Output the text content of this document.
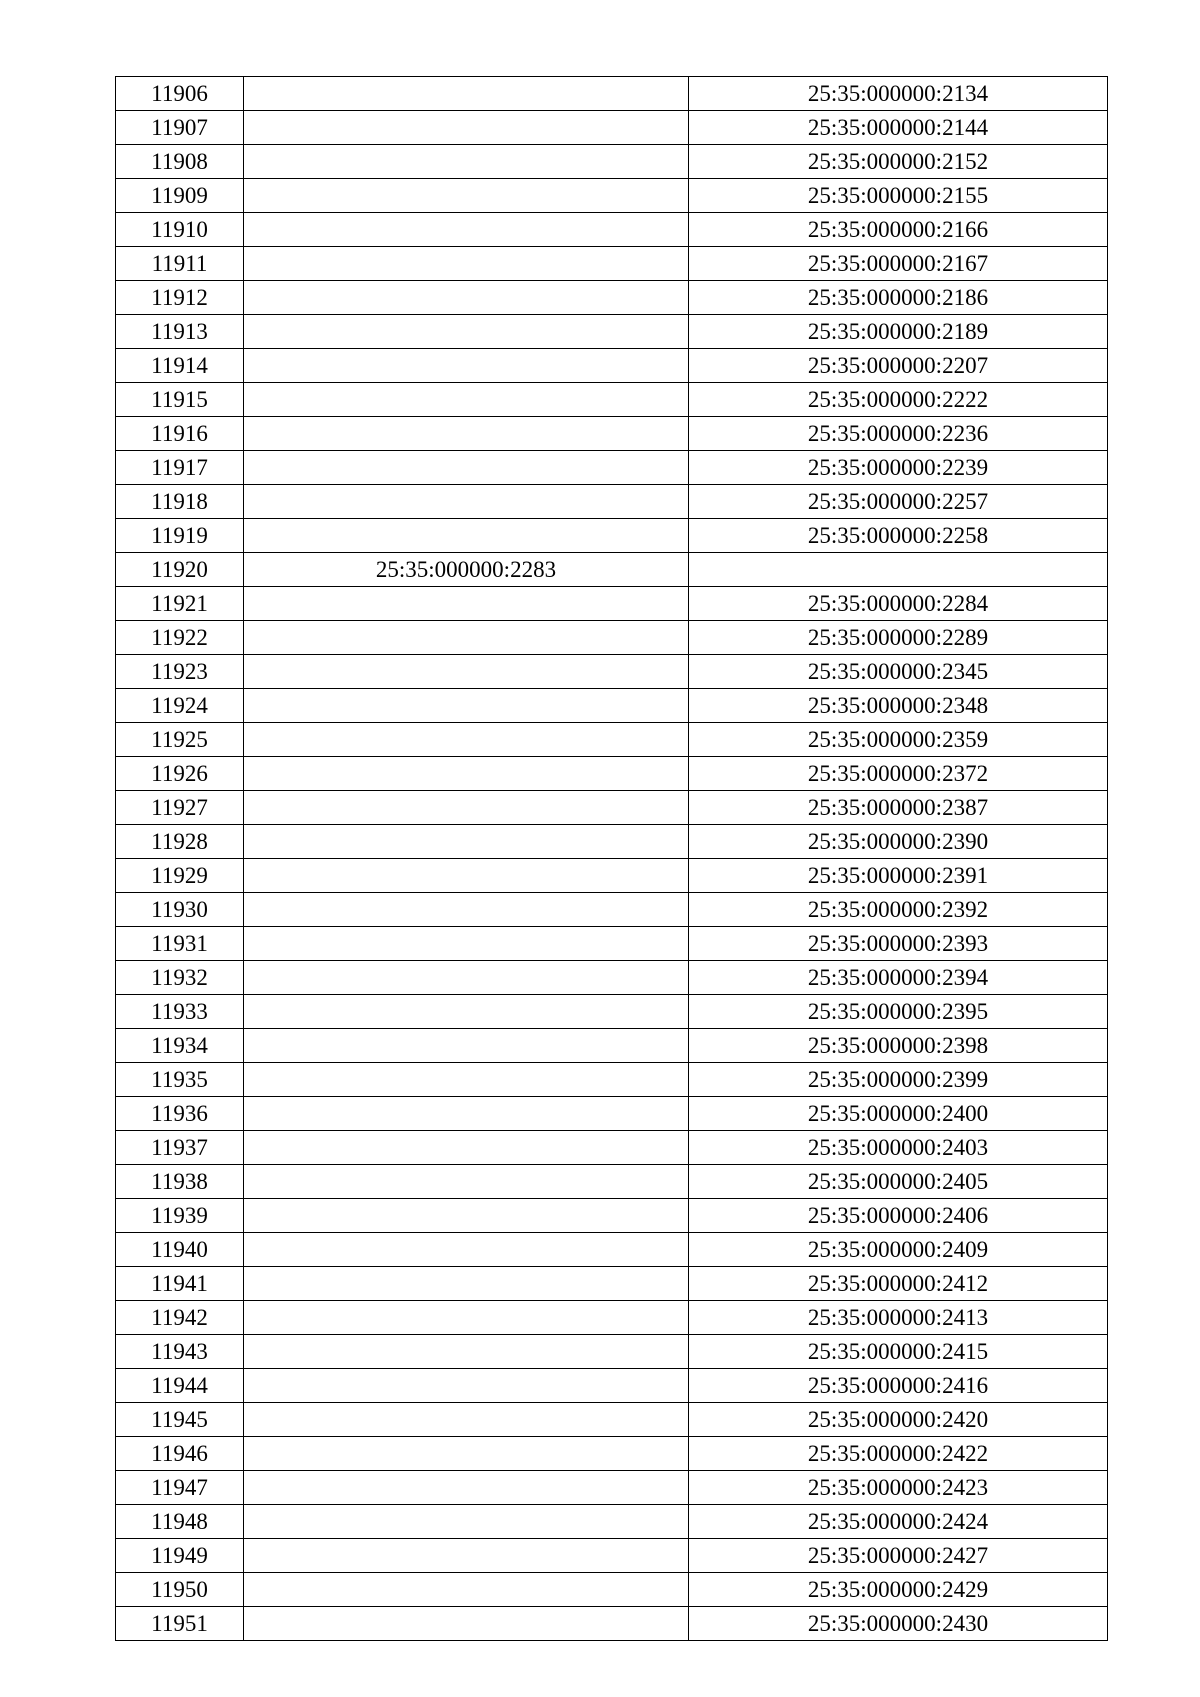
11906		25:35:000000:2134
11907		25:35:000000:2144
11908		25:35:000000:2152
11909		25:35:000000:2155
11910		25:35:000000:2166
11911		25:35:000000:2167
11912		25:35:000000:2186
11913		25:35:000000:2189
11914		25:35:000000:2207
11915		25:35:000000:2222
11916		25:35:000000:2236
11917		25:35:000000:2239
11918		25:35:000000:2257
11919		25:35:000000:2258
11920	25:35:000000:2283	
11921		25:35:000000:2284
11922		25:35:000000:2289
11923		25:35:000000:2345
11924		25:35:000000:2348
11925		25:35:000000:2359
11926		25:35:000000:2372
11927		25:35:000000:2387
11928		25:35:000000:2390
11929		25:35:000000:2391
11930		25:35:000000:2392
11931		25:35:000000:2393
11932		25:35:000000:2394
11933		25:35:000000:2395
11934		25:35:000000:2398
11935		25:35:000000:2399
11936		25:35:000000:2400
11937		25:35:000000:2403
11938		25:35:000000:2405
11939		25:35:000000:2406
11940		25:35:000000:2409
11941		25:35:000000:2412
11942		25:35:000000:2413
11943		25:35:000000:2415
11944		25:35:000000:2416
11945		25:35:000000:2420
11946		25:35:000000:2422
11947		25:35:000000:2423
11948		25:35:000000:2424
11949		25:35:000000:2427
11950		25:35:000000:2429
11951		25:35:000000:2430
